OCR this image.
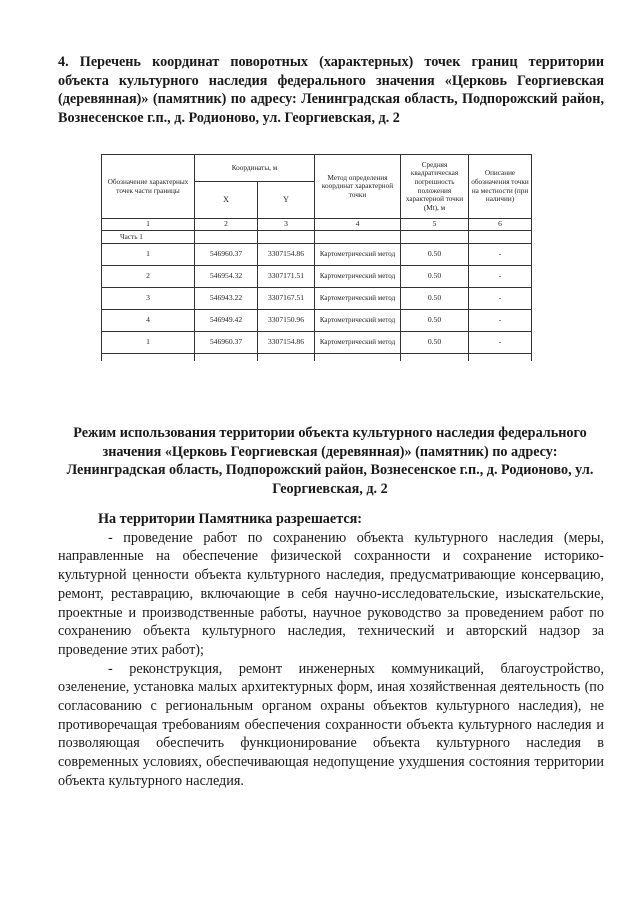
4. Перечень координат поворотных (характерных) точек границ территории объекта культурного наследия федерального значения «Церковь Георгиевская (деревянная)» (памятник) по адресу: Ленинградская область, Подпорожский район, Вознесенское г.п., д. Родионово, ул. Георгиевская, д. 2

Обозначение характерных точек части границы	Координаты, м		Метод определения координат характерной точки	Средняя квадратическая погрешность положения характерной точки (Mt), м	Описание обозначения точки на местности (при наличии)
	X	Y			
1	2	3	4	5	6
Часть 1					
1	546960.37	3307154.86	Картометрический метод	0.50	-
2	546954.32	3307171.51	Картометрический метод	0.50	-
3	546943.22	3307167.51	Картометрический метод	0.50	-
4	546949.42	3307150.96	Картометрический метод	0.50	-
1	546960.37	3307154.86	Картометрический метод	0.50	-

Режим использования территории объекта культурного наследия федерального значения «Церковь Георгиевская (деревянная)» (памятник) по адресу: Ленинградская область, Подпорожский район, Вознесенское г.п., д. Родионово, ул. Георгиевская, д. 2

На территории Памятника разрешается:

- проведение работ по сохранению объекта культурного наследия (меры, направленные на обеспечение физической сохранности и сохранение историко-культурной ценности объекта культурного наследия, предусматривающие консервацию, ремонт, реставрацию, включающие в себя научно-исследовательские, изыскательские, проектные и производственные работы, научное руководство за проведением работ по сохранению объекта культурного наследия, технический и авторский надзор за проведение этих работ);

- реконструкция, ремонт инженерных коммуникаций, благоустройство, озеленение, установка малых архитектурных форм, иная хозяйственная деятельность (по согласованию с региональным органом охраны объектов культурного наследия), не противоречащая требованиям обеспечения сохранности объекта культурного наследия и позволяющая обеспечить функционирование объекта культурного наследия в современных условиях, обеспечивающая недопущение ухудшения состояния территории объекта культурного наследия.
